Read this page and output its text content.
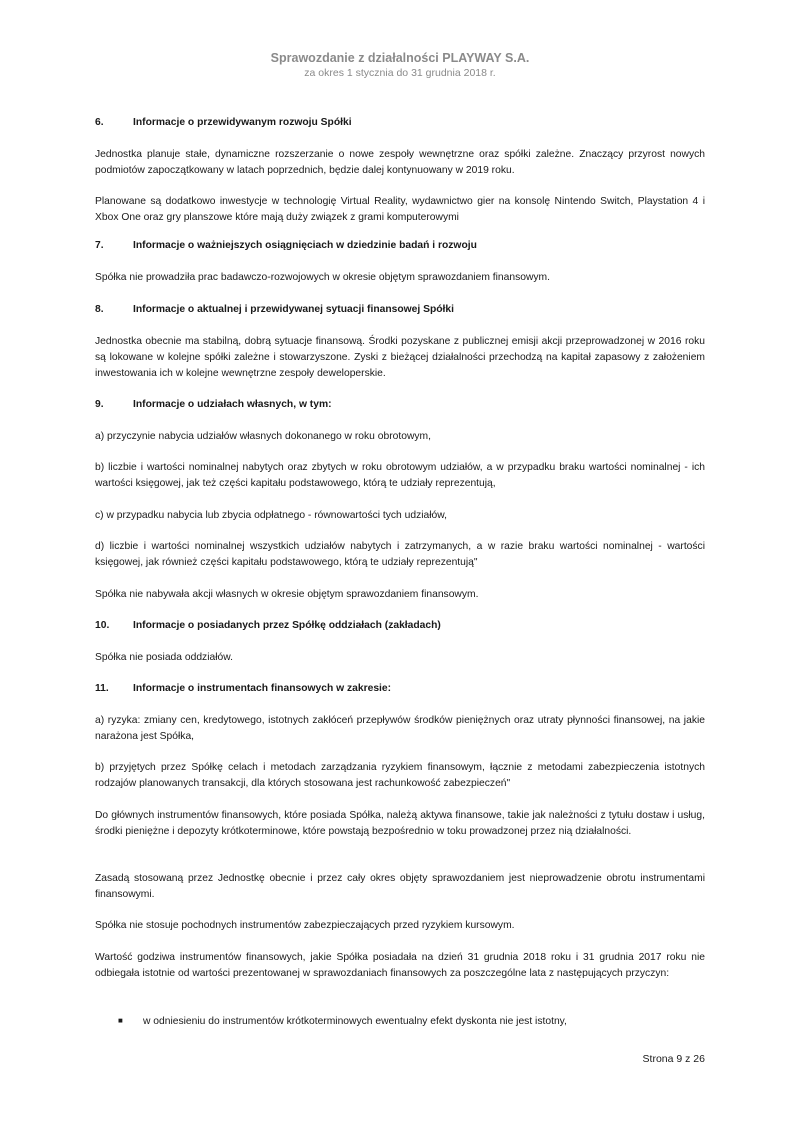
Sprawozdanie z działalności PLAYWAY S.A.
za okres 1 stycznia do 31 grudnia 2018 r.
6.	Informacje o przewidywanym rozwoju Spółki
Jednostka planuje stałe, dynamiczne rozszerzanie o nowe zespoły wewnętrzne oraz spółki zależne. Znaczący przyrost nowych podmiotów zapoczątkowany w latach poprzednich, będzie dalej kontynuowany w 2019 roku.
Planowane są dodatkowo inwestycje w technologię Virtual Reality, wydawnictwo gier na konsolę Nintendo Switch, Playstation 4 i Xbox One oraz gry planszowe które mają duży związek z grami komputerowymi
7.	Informacje o ważniejszych osiągnięciach w dziedzinie badań i rozwoju
Spółka nie prowadziła prac badawczo-rozwojowych w okresie objętym sprawozdaniem finansowym.
8.	Informacje o aktualnej i przewidywanej sytuacji finansowej Spółki
Jednostka obecnie ma stabilną, dobrą sytuacje finansową. Środki pozyskane z publicznej emisji akcji przeprowadzonej w 2016 roku są lokowane w kolejne spółki zależne i stowarzyszone. Zyski z bieżącej działalności przechodzą na kapitał zapasowy z założeniem inwestowania ich w kolejne wewnętrzne zespoły deweloperskie.
9.	Informacje o udziałach własnych, w tym:
a) przyczynie nabycia udziałów własnych dokonanego w roku obrotowym,
b) liczbie i wartości nominalnej nabytych oraz zbytych w roku obrotowym udziałów, a w przypadku braku wartości nominalnej - ich wartości księgowej, jak też części kapitału podstawowego, którą te udziały reprezentują,
c) w przypadku nabycia lub zbycia odpłatnego - równowartości tych udziałów,
d) liczbie i wartości nominalnej wszystkich udziałów nabytych i zatrzymanych, a w razie braku wartości nominalnej - wartości księgowej, jak również części kapitału podstawowego, którą te udziały reprezentują"
Spółka nie nabywała akcji własnych w okresie objętym sprawozdaniem finansowym.
10. Informacje o posiadanych przez Spółkę oddziałach (zakładach)
Spółka nie posiada oddziałów.
11. Informacje o instrumentach finansowych w zakresie:
a) ryzyka: zmiany cen, kredytowego, istotnych zakłóceń przepływów środków pieniężnych oraz utraty płynności finansowej, na jakie narażona jest Spółka,
b) przyjętych przez Spółkę celach i metodach zarządzania ryzykiem finansowym, łącznie z metodami zabezpieczenia istotnych rodzajów planowanych transakcji, dla których stosowana jest rachunkowość zabezpieczeń"
Do głównych instrumentów finansowych, które posiada Spółka, należą aktywa finansowe, takie jak należności z tytułu dostaw i usług, środki pieniężne i depozyty krótkoterminowe, które powstają bezpośrednio w toku prowadzonej przez nią działalności.
Zasadą stosowaną przez Jednostkę obecnie i przez cały okres objęty sprawozdaniem jest nieprowadzenie obrotu instrumentami finansowymi.
Spółka nie stosuje pochodnych instrumentów zabezpieczających przed ryzykiem kursowym.
Wartość godziwa instrumentów finansowych, jakie Spółka posiadała na dzień 31 grudnia 2018 roku i 31 grudnia 2017 roku nie odbiegała istotnie od wartości prezentowanej w sprawozdaniach finansowych za poszczególne lata z następujących przyczyn:
■ w odniesieniu do instrumentów krótkoterminowych ewentualny efekt dyskonta nie jest istotny,
Strona 9 z 26
